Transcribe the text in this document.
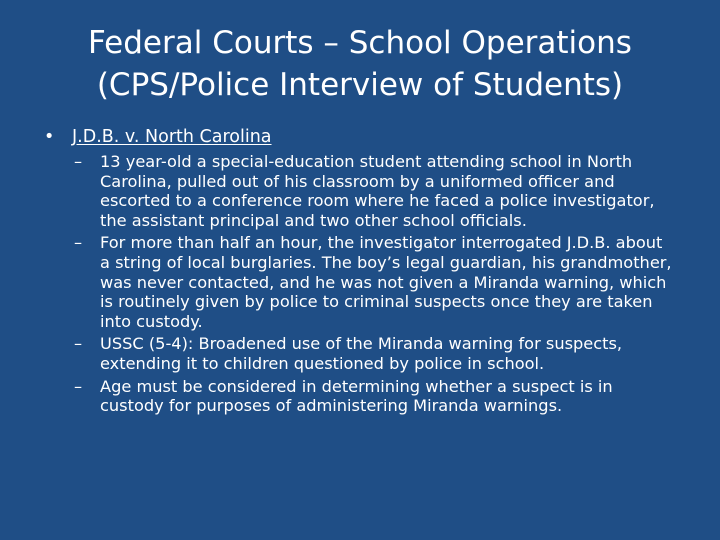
Federal Courts – School Operations
(CPS/Police Interview of Students)
• J.D.B. v. North Carolina
– 13 year-old a special-education student attending school in North Carolina, pulled out of his classroom by a uniformed officer and escorted to a conference room where he faced a police investigator, the assistant principal and two other school officials.
– For more than half an hour, the investigator interrogated J.D.B. about a string of local burglaries. The boy’s legal guardian, his grandmother, was never contacted, and he was not given a Miranda warning, which is routinely given by police to criminal suspects once they are taken into custody.
– USSC (5-4): Broadened use of the Miranda warning for suspects, extending it to children questioned by police in school.
– Age must be considered in determining whether a suspect is in custody for purposes of administering Miranda warnings.
